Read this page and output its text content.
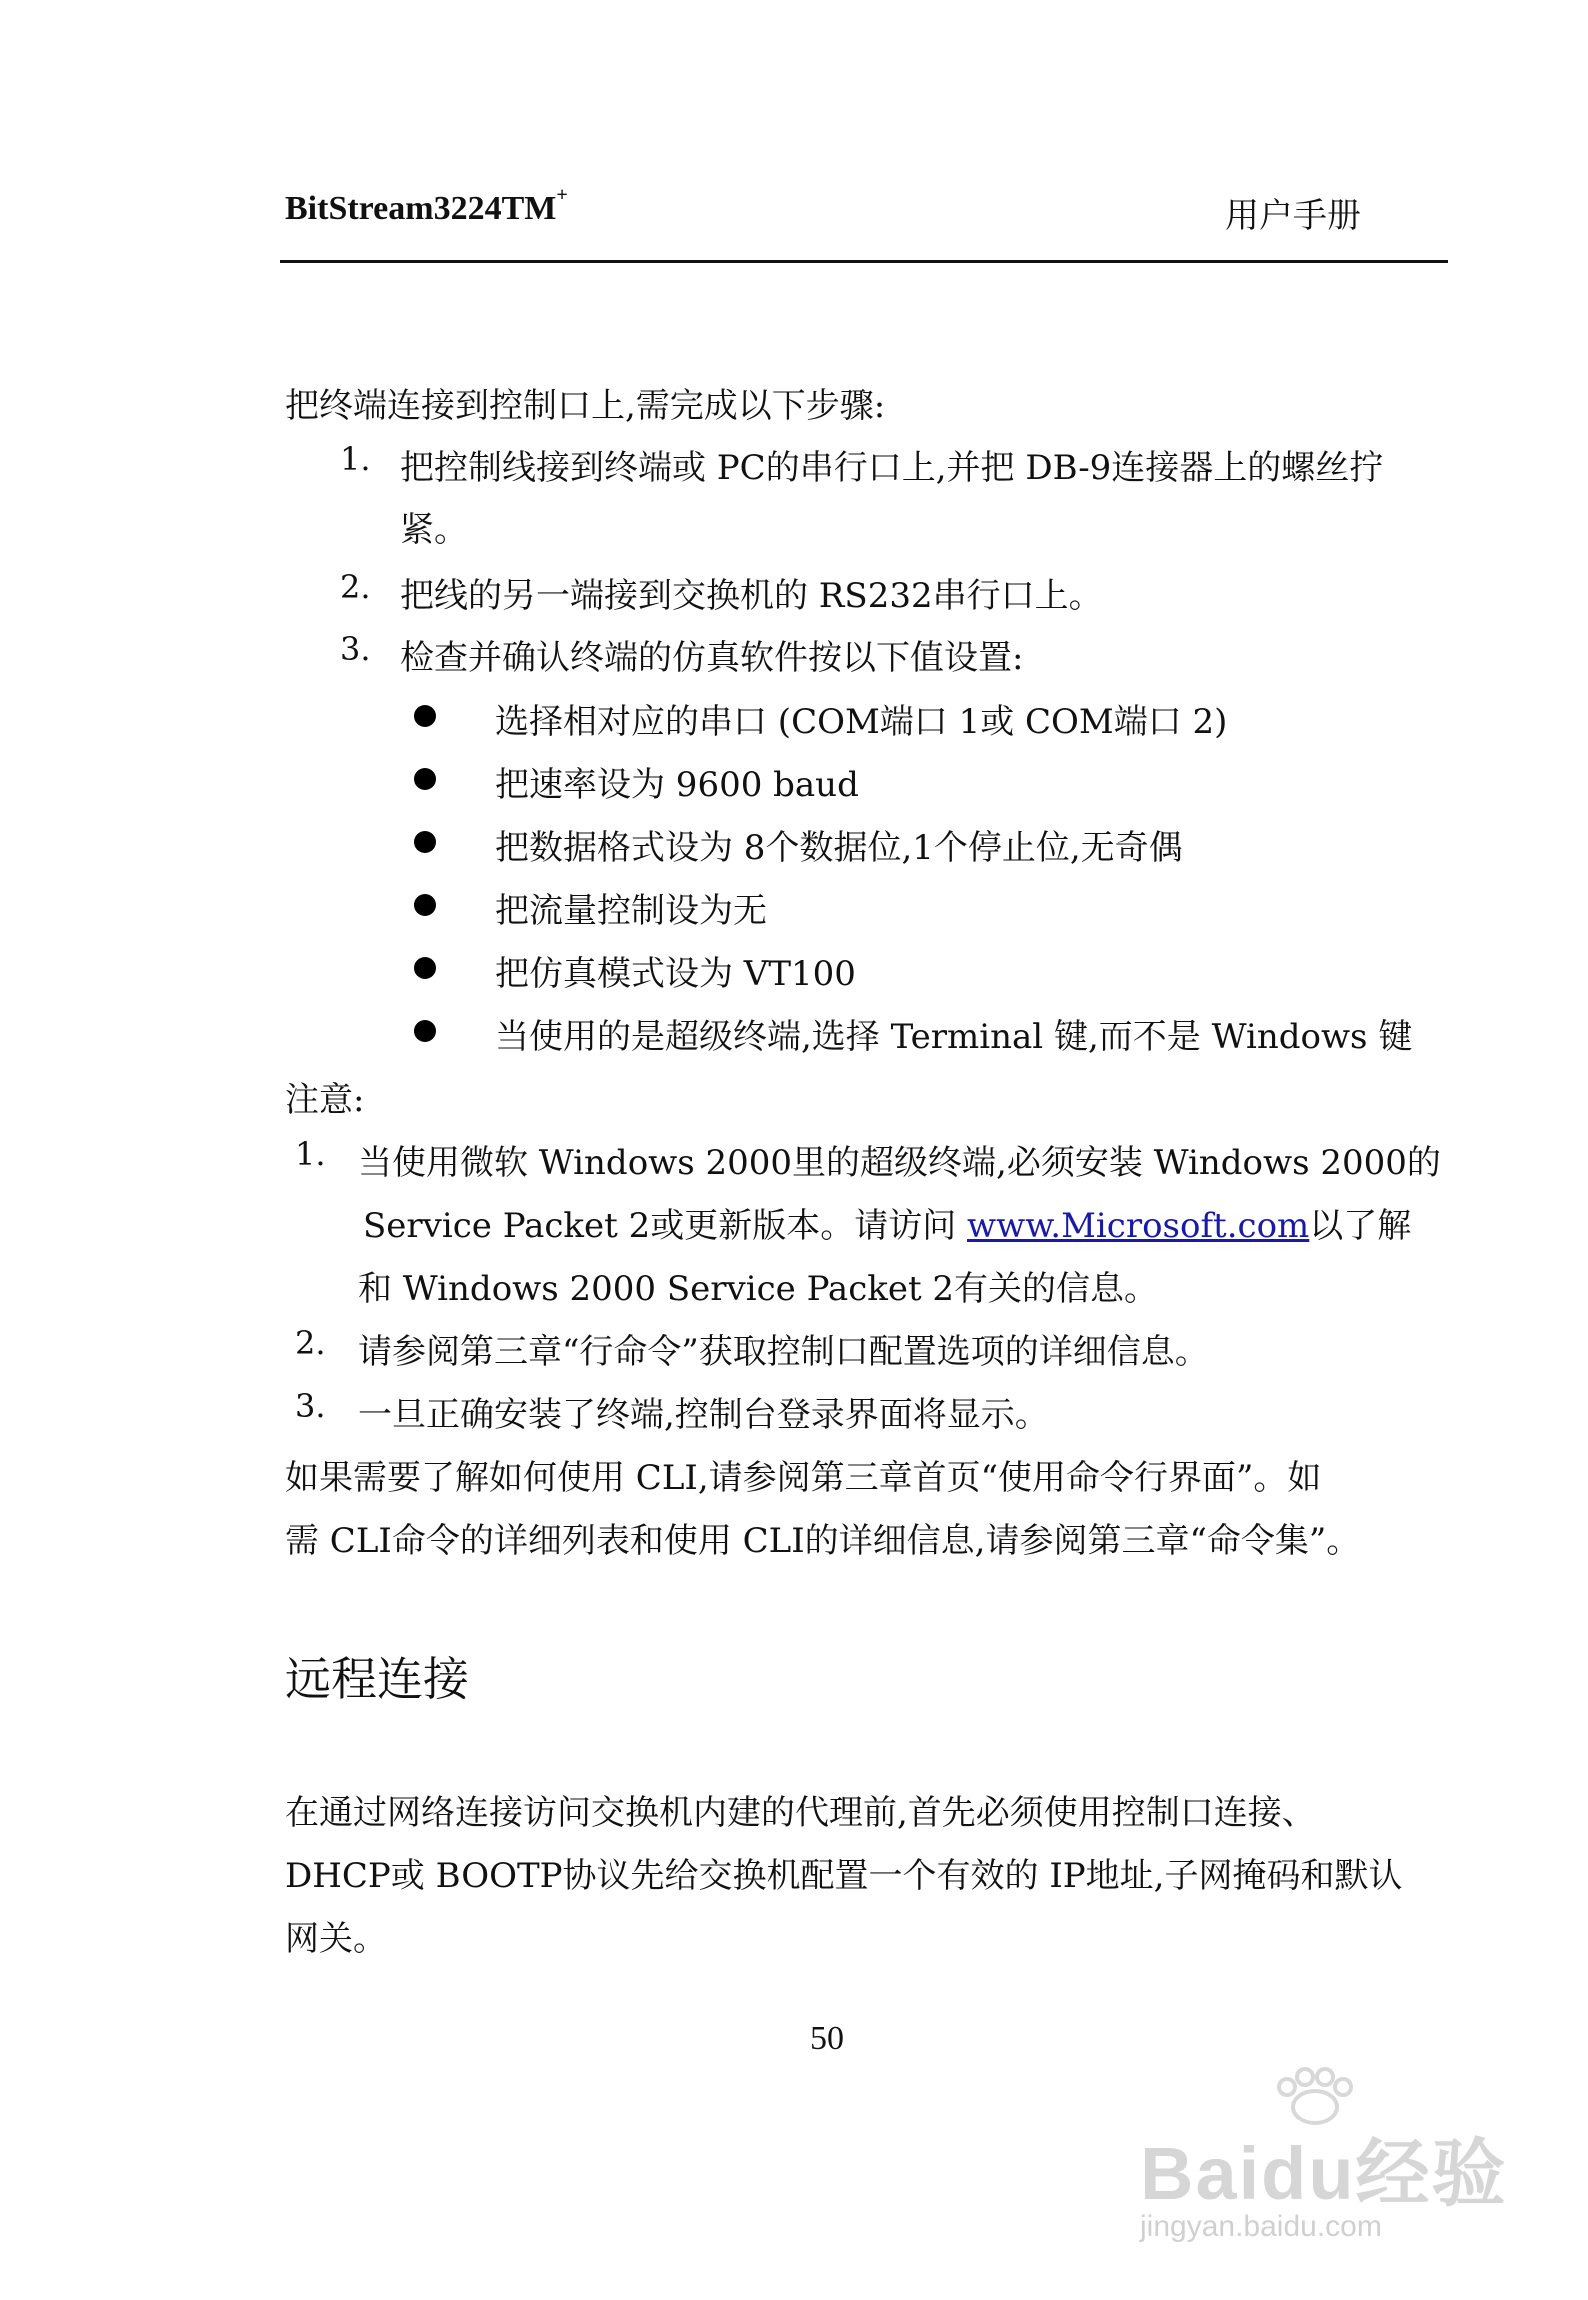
BitStream3224TM+
用户手册
把终端连接到控制口上,需完成以下步骤:
1. 把控制线接到终端或 PC的串行口上,并把 DB-9连接器上的螺丝拧
紧。
2. 把线的另一端接到交换机的 RS232串行口上。
3. 检查并确认终端的仿真软件按以下值设置:
选择相对应的串口 (COM端口 1或 COM端口 2)
把速率设为 9600 baud
把数据格式设为 8个数据位,1个停止位,无奇偶
把流量控制设为无
把仿真模式设为 VT100
当使用的是超级终端,选择 Terminal 键,而不是 Windows 键
注意:
1. 当使用微软 Windows 2000里的超级终端,必须安装 Windows 2000的
Service Packet 2或更新版本。请访问 www.Microsoft.com以了解
和 Windows 2000 Service Packet 2有关的信息。
2. 请参阅第三章“行命令”获取控制口配置选项的详细信息。
3. 一旦正确安装了终端,控制台登录界面将显示。
如果需要了解如何使用 CLI,请参阅第三章首页“使用命令行界面”。如
需 CLI命令的详细列表和使用 CLI的详细信息,请参阅第三章“命令集”。
远程连接
在通过网络连接访问交换机内建的代理前,首先必须使用控制口连接、
DHCP或 BOOTP协议先给交换机配置一个有效的 IP地址,子网掩码和默认
网关。
50
Baidu经验
jingyan.baidu.com
